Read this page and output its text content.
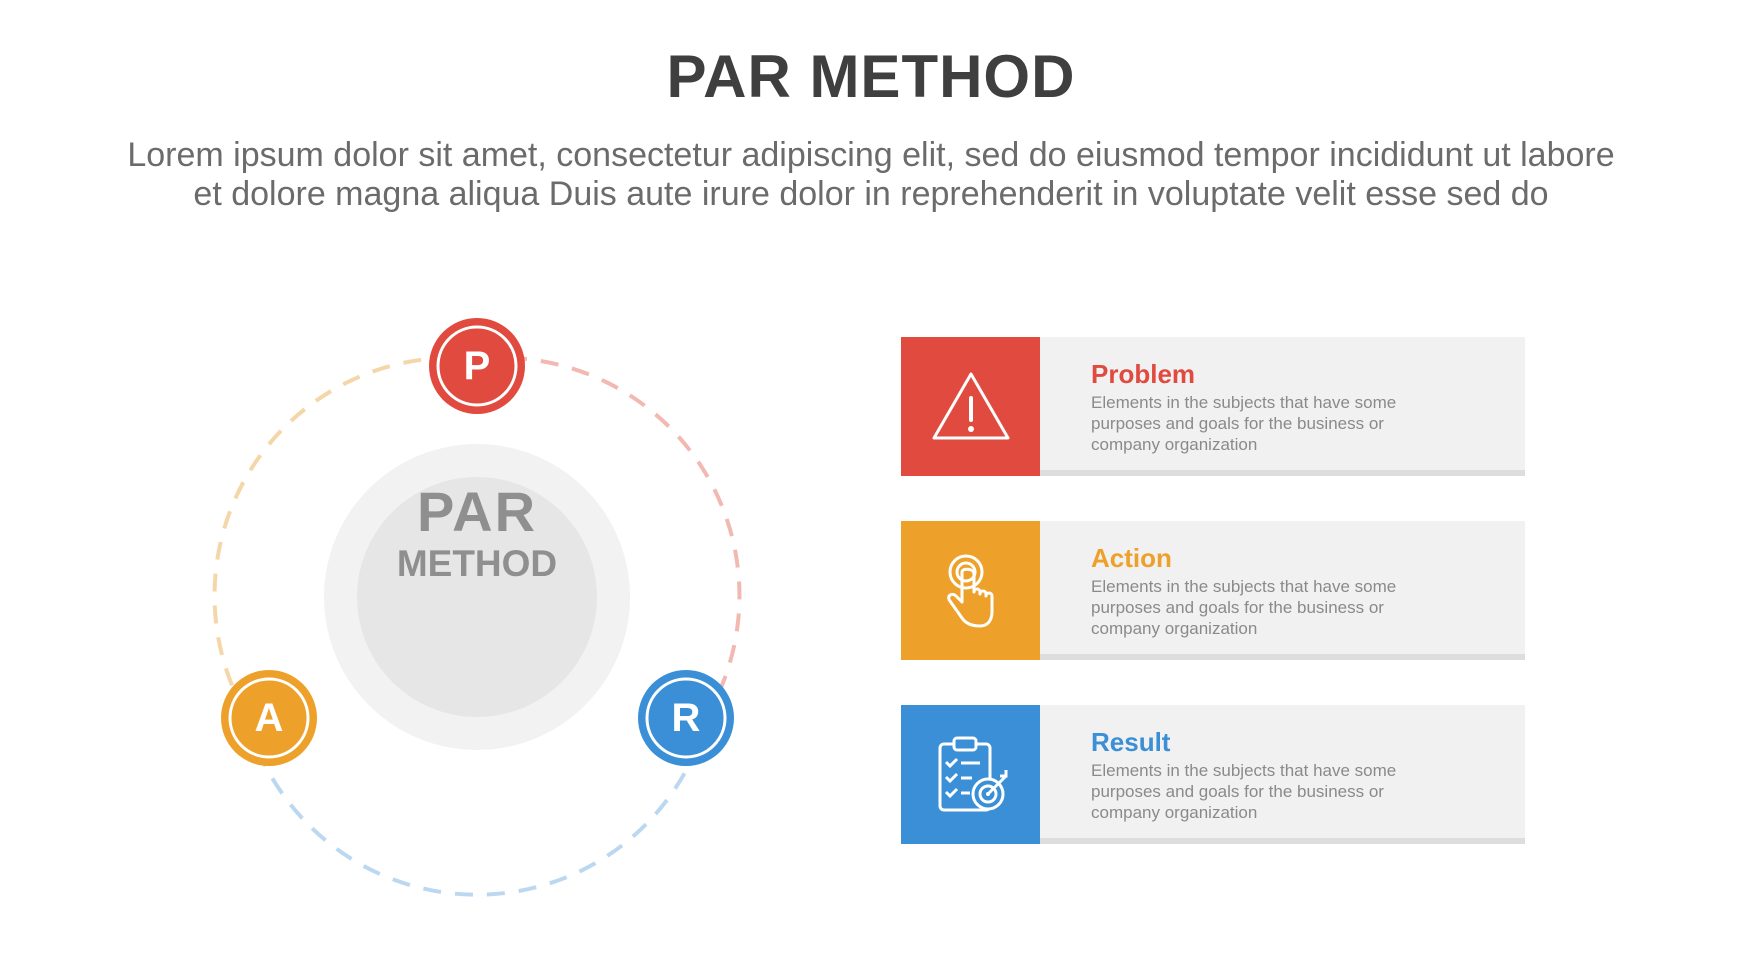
PAR METHOD
Lorem ipsum dolor sit amet, consectetur adipiscing elit, sed do eiusmod tempor incididunt ut labore
et dolore magna aliqua Duis aute irure dolor in reprehenderit in voluptate velit esse sed do
PAR
METHOD
P
A	R
Problem
Elements in the subjects that have some purposes and goals for the business or company organization
Action
Elements in the subjects that have some purposes and goals for the business or company organization
Result
Elements in the subjects that have some purposes and goals for the business or company organization
